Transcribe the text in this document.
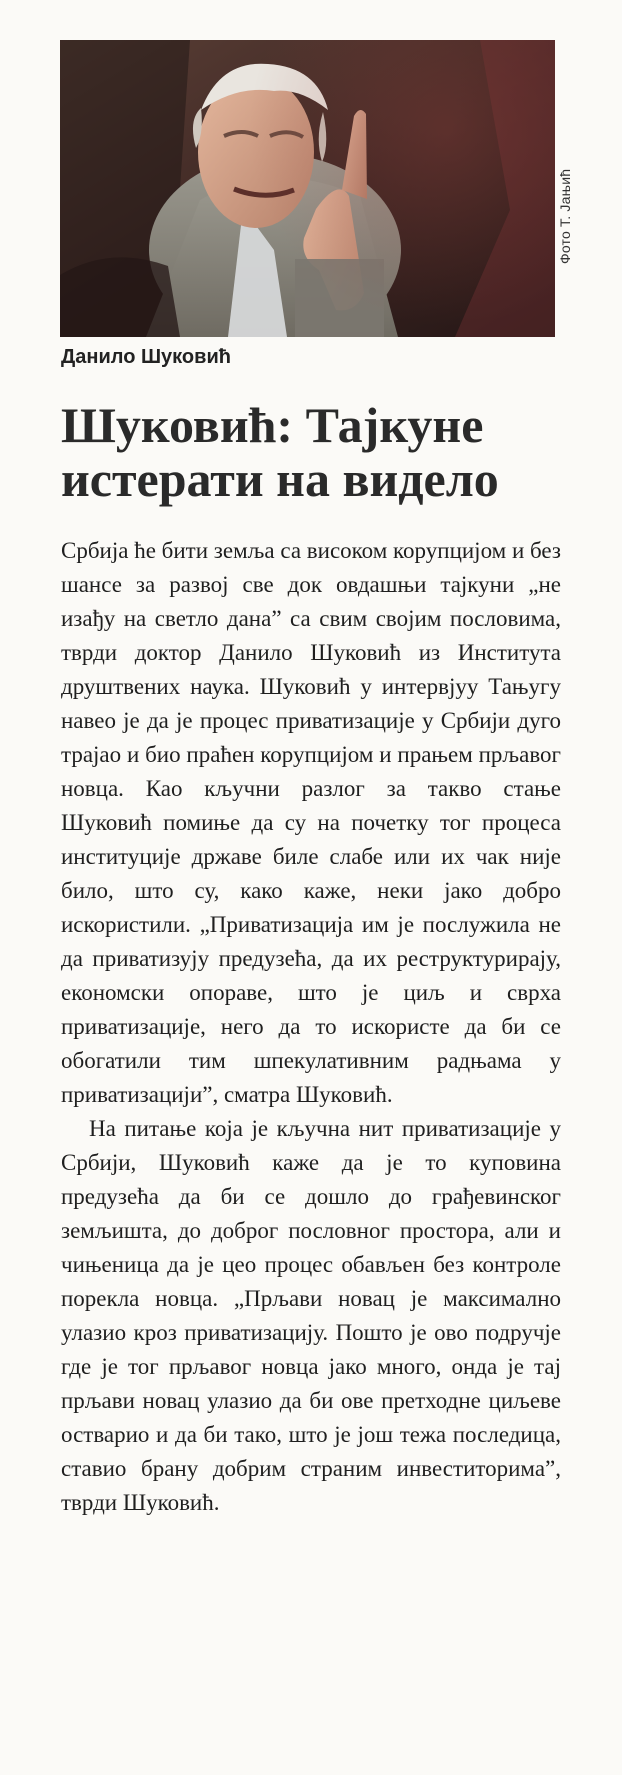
Фото Т. Јањић
Данило Шуковић
Шуковић: Тајкуне истерати на видело

Србија ће бити земља са високом корупцијом и без шансе за развој све док овдашњи тајкуни „не изађу на светло дана” са свим својим пословима, тврди доктор Данило Шуковић из Института друштвених наука. Шуковић у интервјуу Тањугу навео је да је процес приватизације у Србији дуго трајао и био праћен корупцијом и прањем прљавог новца. Као кључни разлог за такво стање Шуковић помиње да су на почетку тог процеса институције државе биле слабе или их чак није било, што су, како каже, неки јако добро искористили. „Приватизација им је послужила не да приватизују предузећа, да их реструктурирају, економски опораве, што је циљ и сврха приватизације, него да то искористе да би се обогатили тим шпекулативним радњама у приватизацији”, сматра Шуковић.

На питање која је кључна нит приватизације у Србији, Шуковић каже да је то куповина предузећа да би се дошло до грађевинског земљишта, до доброг пословног простора, али и чињеница да је цео процес обављен без контроле порекла новца. „Прљави новац је максимално улазио кроз приватизацију. Пошто је ово подручје где је тог прљавог новца јако много, онда је тај прљави новац улазио да би ове претходне циљеве остварио и да би тако, што је још тежа последица, ставио брану добрим страним инвеститорима”, тврди Шуковић.
